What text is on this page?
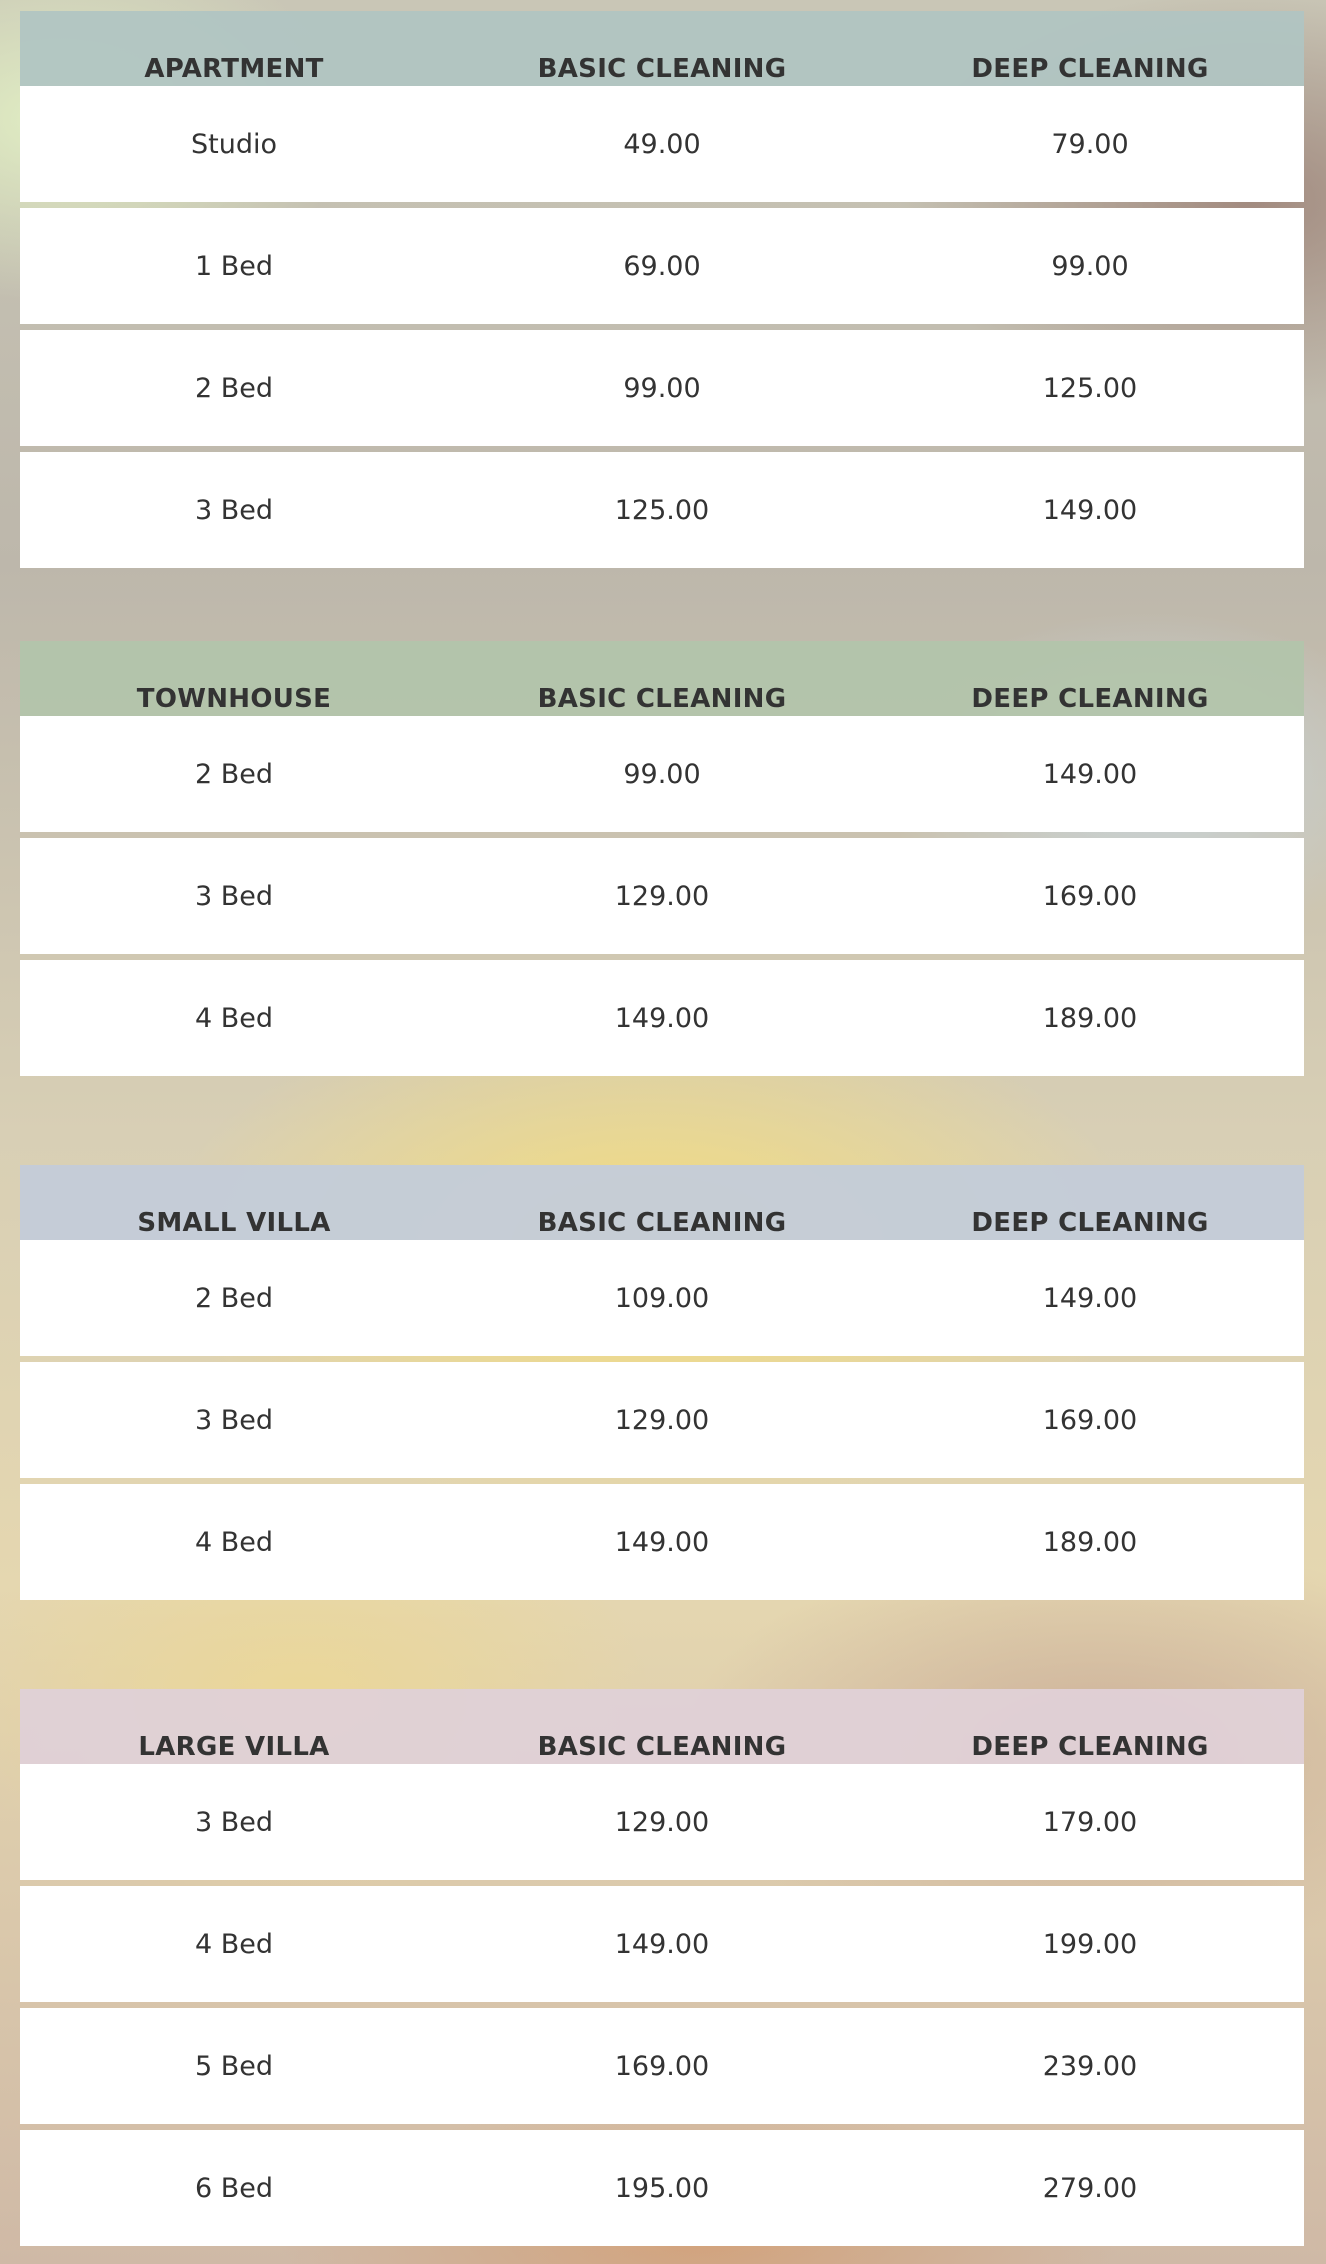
APARTMENT	BASIC CLEANING	DEEP CLEANING
Studio	49.00	79.00
1 Bed	69.00	99.00
2 Bed	99.00	125.00
3 Bed	125.00	149.00
TOWNHOUSE	BASIC CLEANING	DEEP CLEANING
2 Bed	99.00	149.00
3 Bed	129.00	169.00
4 Bed	149.00	189.00
SMALL VILLA	BASIC CLEANING	DEEP CLEANING
2 Bed	109.00	149.00
3 Bed	129.00	169.00
4 Bed	149.00	189.00
LARGE VILLA	BASIC CLEANING	DEEP CLEANING
3 Bed	129.00	179.00
4 Bed	149.00	199.00
5 Bed	169.00	239.00
6 Bed	195.00	279.00
